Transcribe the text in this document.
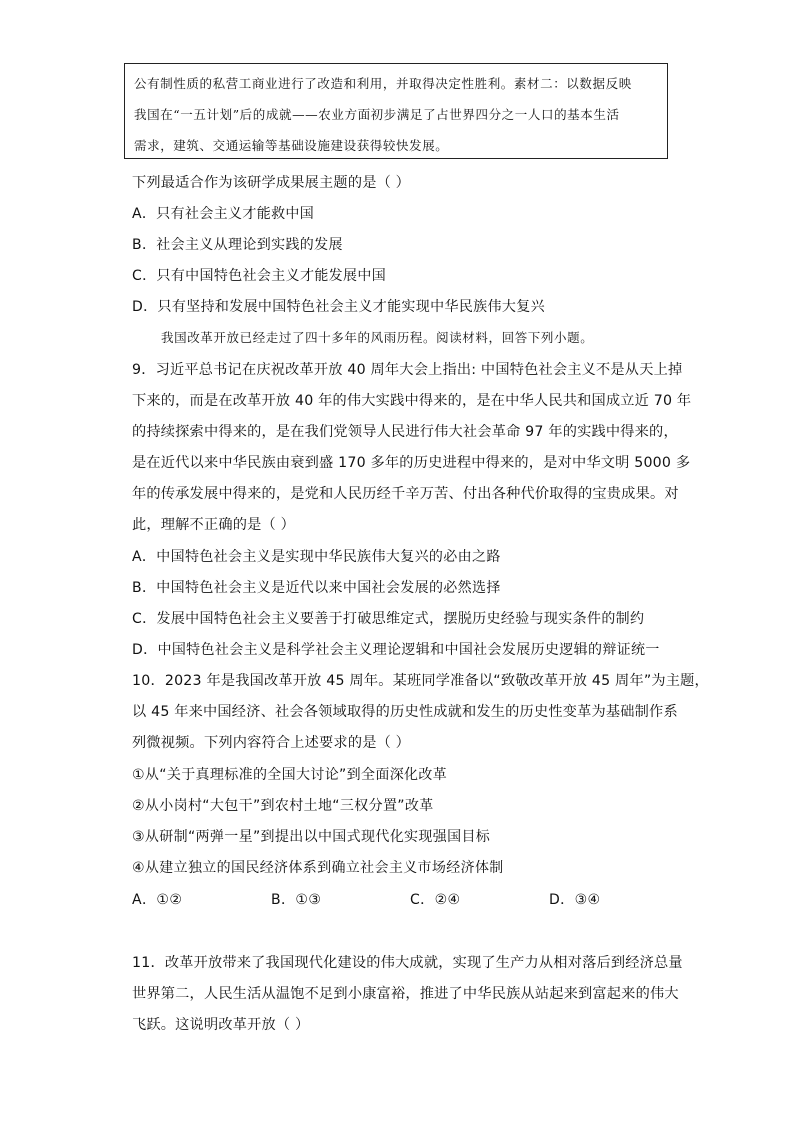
公有制性质的私营工商业进行了改造和利用，并取得决定性胜利。素材二：以数据反映
我国在“一五计划”后的成就——农业方面初步满足了占世界四分之一人口的基本生活
需求，建筑、交通运输等基础设施建设获得较快发展。
下列最适合作为该研学成果展主题的是（ ）
A．只有社会主义才能救中国
B．社会主义从理论到实践的发展
C．只有中国特色社会主义才能发展中国
D．只有坚持和发展中国特色社会主义才能实现中华民族伟大复兴
我国改革开放已经走过了四十多年的风雨历程。阅读材料，回答下列小题。
9．习近平总书记在庆祝改革开放 40 周年大会上指出: 中国特色社会主义不是从天上掉
下来的，而是在改革开放 40 年的伟大实践中得来的，是在中华人民共和国成立近 70 年
的持续探索中得来的，是在我们党领导人民进行伟大社会革命 97 年的实践中得来的，
是在近代以来中华民族由衰到盛 170 多年的历史进程中得来的，是对中华文明 5000 多
年的传承发展中得来的，是党和人民历经千辛万苦、付出各种代价取得的宝贵成果。对
此，理解不正确的是（ ）
A．中国特色社会主义是实现中华民族伟大复兴的必由之路
B．中国特色社会主义是近代以来中国社会发展的必然选择
C．发展中国特色社会主义要善于打破思维定式，摆脱历史经验与现实条件的制约
D．中国特色社会主义是科学社会主义理论逻辑和中国社会发展历史逻辑的辩证统一
10．2023 年是我国改革开放 45 周年。某班同学准备以“致敬改革开放 45 周年”为主题，
以 45 年来中国经济、社会各领域取得的历史性成就和发生的历史性变革为基础制作系
列微视频。下列内容符合上述要求的是（ ）
①从“关于真理标准的全国大讨论”到全面深化改革
②从小岗村“大包干”到农村土地“三权分置”改革
③从研制“两弹一星”到提出以中国式现代化实现强国目标
④从建立独立的国民经济体系到确立社会主义市场经济体制
A．①②	B．①③	C．②④	D．③④
11．改革开放带来了我国现代化建设的伟大成就，实现了生产力从相对落后到经济总量
世界第二，人民生活从温饱不足到小康富裕，推进了中华民族从站起来到富起来的伟大
飞跃。这说明改革开放（ ）
